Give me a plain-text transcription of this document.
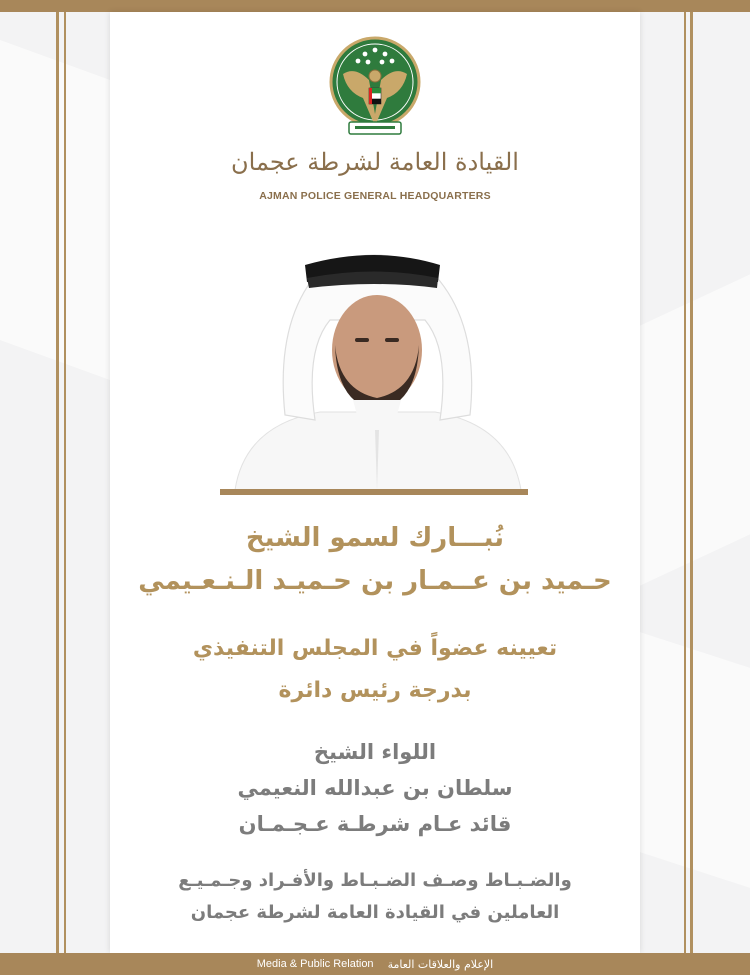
القيادة العامة لشرطة عجمان
AJMAN POLICE GENERAL HEADQUARTERS
نُبـــارك لسمو الشيخ
حـميد بن عــمـار بن حـميـد الـنـعـيمي
تعيينه عضواً في المجلس التنفيذي
بدرجة رئيس دائرة
اللواء الشيخ
سلطان بن عبدالله النعيمي
قائد عـام شرطـة عـجـمـان
والضـبـاط وصـف الضـبـاط والأفـراد وجـمـيـع
العاملين في القيادة العامة لشرطة عجمان
Media & Public Relation الإعلام والعلاقات العامة
